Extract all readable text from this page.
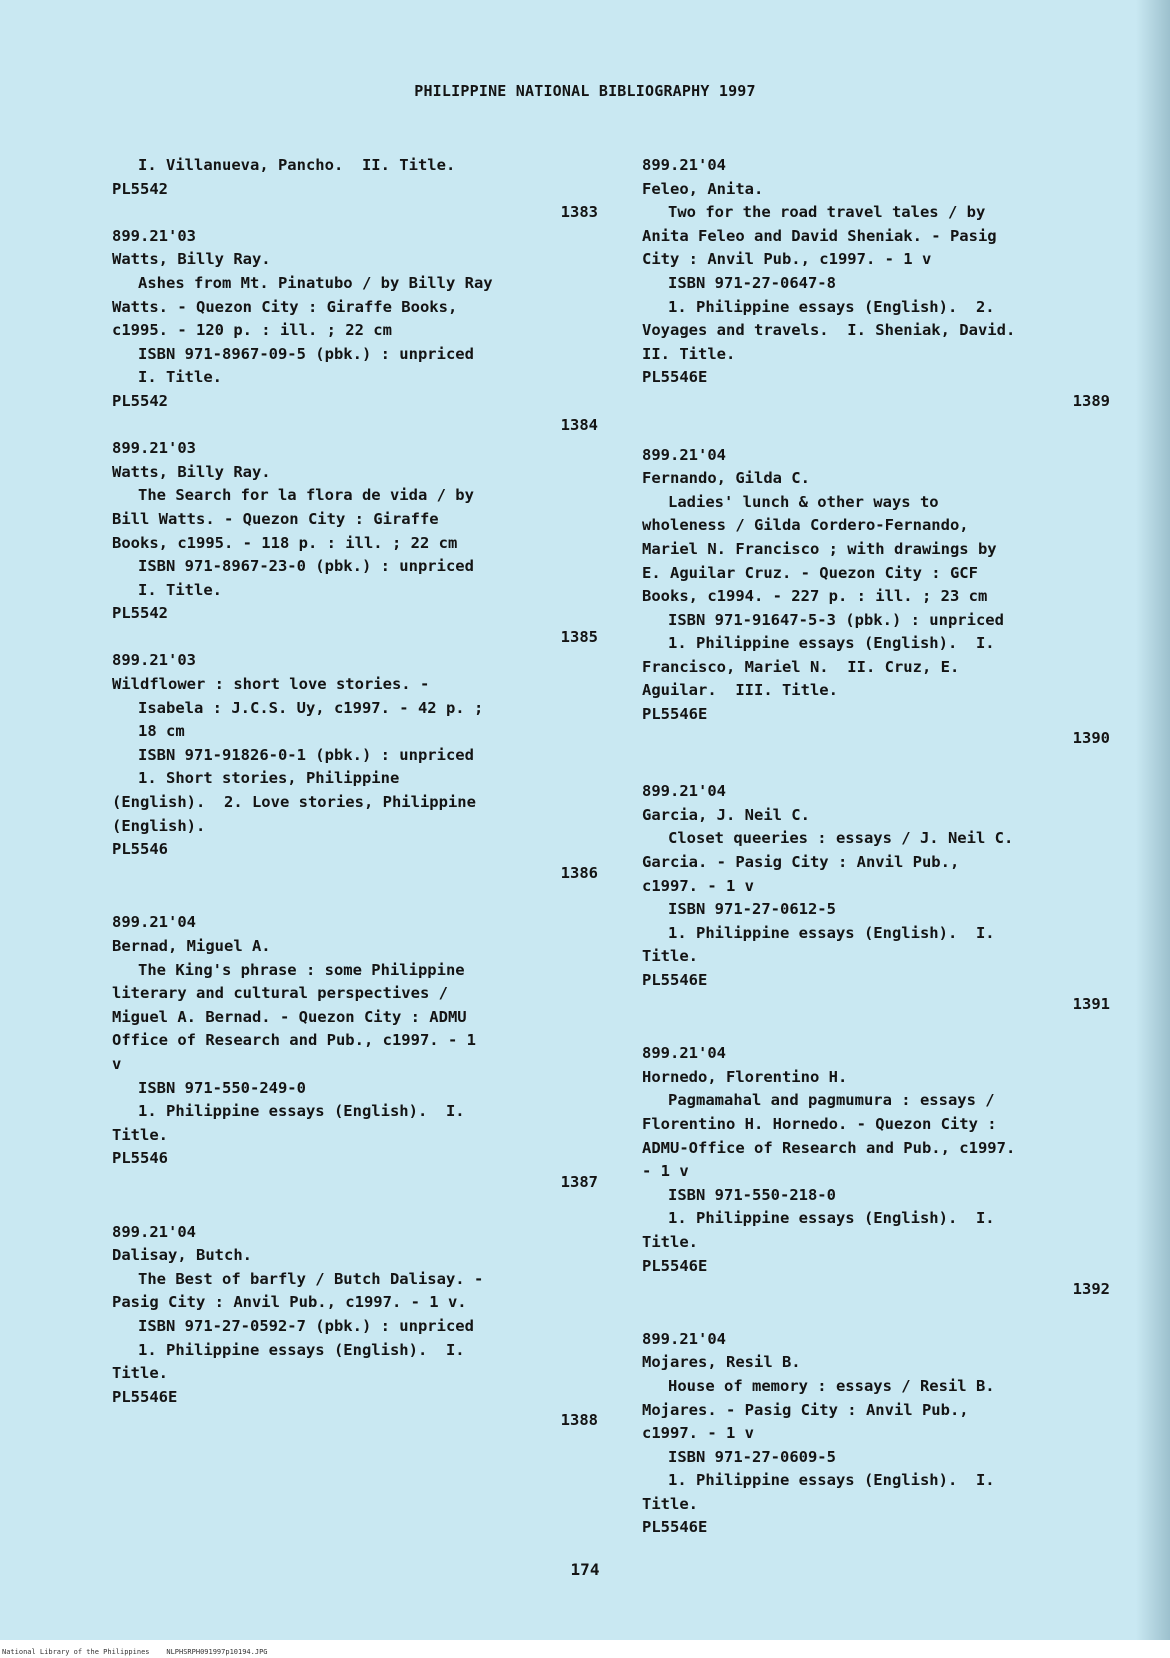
PHILIPPINE NATIONAL BIBLIOGRAPHY 1997
I. Villanueva, Pancho.  II. Title.
PL5542
1383
899.21'03
Watts, Billy Ray.
Ashes from Mt. Pinatubo / by Billy Ray
Watts. - Quezon City : Giraffe Books,
c1995. - 120 p. : ill. ; 22 cm
ISBN 971-8967-09-5 (pbk.) : unpriced
I. Title.
PL5542
1384
899.21'03
Watts, Billy Ray.
The Search for la flora de vida / by
Bill Watts. - Quezon City : Giraffe
Books, c1995. - 118 p. : ill. ; 22 cm
ISBN 971-8967-23-0 (pbk.) : unpriced
I. Title.
PL5542
1385
899.21'03
Wildflower : short love stories. -
Isabela : J.C.S. Uy, c1997. - 42 p. ;
18 cm
ISBN 971-91826-0-1 (pbk.) : unpriced
1. Short stories, Philippine
(English).  2. Love stories, Philippine
(English).
PL5546
1386
899.21'04
Bernad, Miguel A.
The King's phrase : some Philippine
literary and cultural perspectives /
Miguel A. Bernad. - Quezon City : ADMU
Office of Research and Pub., c1997. - 1
v
ISBN 971-550-249-0
1. Philippine essays (English).  I.
Title.
PL5546
1387
899.21'04
Dalisay, Butch.
The Best of barfly / Butch Dalisay. -
Pasig City : Anvil Pub., c1997. - 1 v.
ISBN 971-27-0592-7 (pbk.) : unpriced
1. Philippine essays (English).  I.
Title.
PL5546E
1388
899.21'04
Feleo, Anita.
Two for the road travel tales / by
Anita Feleo and David Sheniak. - Pasig
City : Anvil Pub., c1997. - 1 v
ISBN 971-27-0647-8
1. Philippine essays (English).  2.
Voyages and travels.  I. Sheniak, David.
II. Title.
PL5546E
1389
899.21'04
Fernando, Gilda C.
Ladies' lunch & other ways to
wholeness / Gilda Cordero-Fernando,
Mariel N. Francisco ; with drawings by
E. Aguilar Cruz. - Quezon City : GCF
Books, c1994. - 227 p. : ill. ; 23 cm
ISBN 971-91647-5-3 (pbk.) : unpriced
1. Philippine essays (English).  I.
Francisco, Mariel N.  II. Cruz, E.
Aguilar.  III. Title.
PL5546E
1390
899.21'04
Garcia, J. Neil C.
Closet queeries : essays / J. Neil C.
Garcia. - Pasig City : Anvil Pub.,
c1997. - 1 v
ISBN 971-27-0612-5
1. Philippine essays (English).  I.
Title.
PL5546E
1391
899.21'04
Hornedo, Florentino H.
Pagmamahal and pagmumura : essays /
Florentino H. Hornedo. - Quezon City :
ADMU-Office of Research and Pub., c1997.
- 1 v
ISBN 971-550-218-0
1. Philippine essays (English).  I.
Title.
PL5546E
1392
899.21'04
Mojares, Resil B.
House of memory : essays / Resil B.
Mojares. - Pasig City : Anvil Pub.,
c1997. - 1 v
ISBN 971-27-0609-5
1. Philippine essays (English).  I.
Title.
PL5546E
174
National Library of the Philippines    NLPHSRPH091997p10194.JPG
